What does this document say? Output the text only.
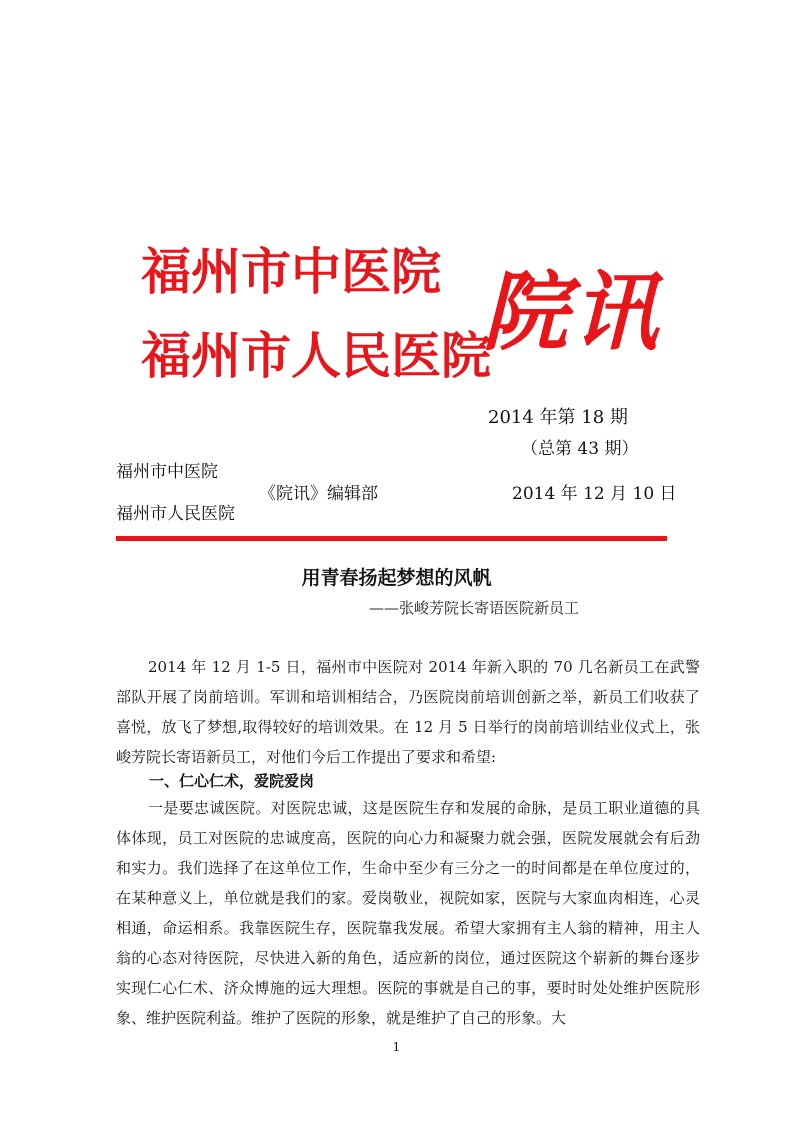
福州市中医院
福州市人民医院
院讯
2014 年第 18 期
（总第 43 期）
福州市中医院
《院讯》编辑部	2014 年 12 月 10 日
福州市人民医院
用青春扬起梦想的风帆
——张峻芳院长寄语医院新员工
2014 年 12 月 1-5 日，福州市中医院对 2014 年新入职的 70 几名新员工在武警部队开展了岗前培训。军训和培训相结合，乃医院岗前培训创新之举，新员工们收获了喜悦，放飞了梦想,取得较好的培训效果。在 12 月 5 日举行的岗前培训结业仪式上，张峻芳院长寄语新员工，对他们今后工作提出了要求和希望:
一、仁心仁术，爱院爱岗
一是要忠诚医院。对医院忠诚，这是医院生存和发展的命脉，是员工职业道德的具体体现，员工对医院的忠诚度高，医院的向心力和凝聚力就会强，医院发展就会有后劲和实力。我们选择了在这单位工作，生命中至少有三分之一的时间都是在单位度过的，在某种意义上，单位就是我们的家。爱岗敬业，视院如家，医院与大家血肉相连，心灵相通，命运相系。我靠医院生存，医院靠我发展。希望大家拥有主人翁的精神，用主人翁的心态对待医院，尽快进入新的角色，适应新的岗位，通过医院这个崭新的舞台逐步实现仁心仁术、济众博施的远大理想。医院的事就是自己的事，要时时处处维护医院形象、维护医院利益。维护了医院的形象，就是维护了自己的形象。大
1
